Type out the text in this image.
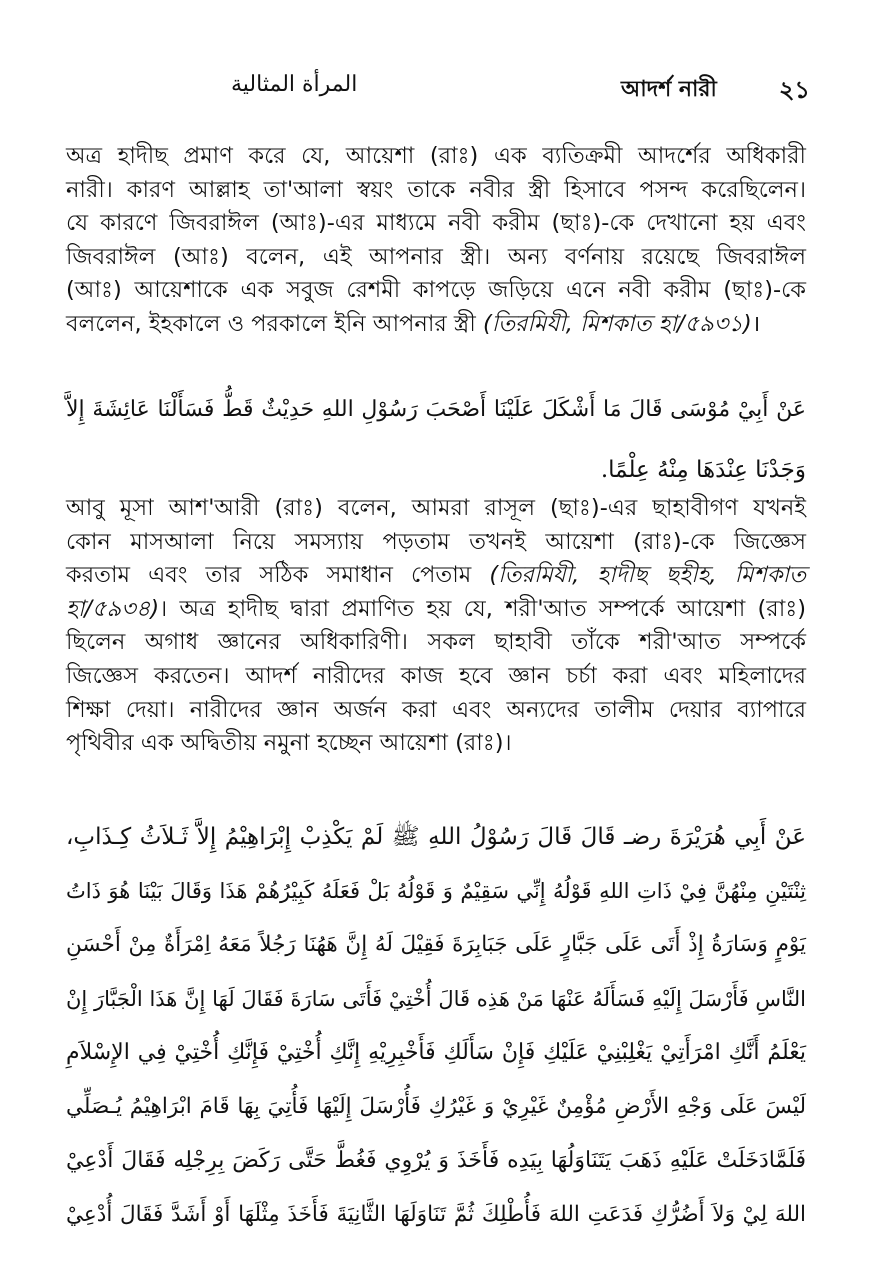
المرأة المثالية	আদর্শ নারী	২১
অত্র হাদীছ প্রমাণ করে যে, আয়েশা (রাঃ) এক ব্যতিক্রমী আদর্শের অধিকারী
নারী। কারণ আল্লাহ তা'আলা স্বয়ং তাকে নবীর স্ত্রী হিসাবে পসন্দ করেছিলেন।
যে কারণে জিবরাঈল (আঃ)-এর মাধ্যমে নবী করীম (ছাঃ)-কে দেখানো হয় এবং
জিবরাঈল (আঃ) বলেন, এই আপনার স্ত্রী। অন্য বর্ণনায় রয়েছে জিবরাঈল
(আঃ) আয়েশাকে এক সবুজ রেশমী কাপড়ে জড়িয়ে এনে নবী করীম (ছাঃ)-কে
বললেন, ইহকালে ও পরকালে ইনি আপনার স্ত্রী (তিরমিযী, মিশকাত হা/৫৯৩১)।
عَنْ أَبِيْ مُوْسَى قَالَ مَا أَشْكَلَ عَلَيْنَا أَصْحَبَ رَسُوْلِ اللهِ حَدِيْثٌ قَطُّ فَسَأَلْنَا عَائِشَةَ إِلاَّ
وَجَدْنَا عِنْدَهَا مِنْهُ عِلْمًا.
আবু মূসা আশ'আরী (রাঃ) বলেন, আমরা রাসূল (ছাঃ)-এর ছাহাবীগণ যখনই
কোন মাসআলা নিয়ে সমস্যায় পড়তাম তখনই আয়েশা (রাঃ)-কে জিজ্ঞেস
করতাম এবং তার সঠিক সমাধান পেতাম (তিরমিযী, হাদীছ ছহীহ, মিশকাত
হা/৫৯৩৪)। অত্র হাদীছ দ্বারা প্রমাণিত হয় যে, শরী'আত সম্পর্কে আয়েশা (রাঃ)
ছিলেন অগাধ জ্ঞানের অধিকারিণী। সকল ছাহাবী তাঁকে শরী'আত সম্পর্কে
জিজ্ঞেস করতেন। আদর্শ নারীদের কাজ হবে জ্ঞান চর্চা করা এবং মহিলাদের
শিক্ষা দেয়া। নারীদের জ্ঞান অর্জন করা এবং অন্যদের তালীম দেয়ার ব্যাপারে
পৃথিবীর এক অদ্বিতীয় নমুনা হচ্ছেন আয়েশা (রাঃ)।
عَنْ أَبِي هُرَيْرَةَ رضـ قَالَ قَالَ رَسُوْلُ اللهِ ﷺ لَمْ يَكْذِبْ إِبْرَاهِيْمُ إِلاَّ ثَـلاَثُ كِـذَابِ،
ثِنْتَيْنِ مِنْهُنَّ فِيْ ذَاتِ اللهِ قَوْلُهُ إِنِّي سَقِيْمٌ وَ قَوْلُهُ بَلْ فَعَلَهُ كَبِيْرُهُمْ هَذَا وَقَالَ بَيْنَا هُوَ ذَاتُ
يَوْمٍ وَسَارَةُ إِذْ أَتَى عَلَى جَبَّارٍ عَلَى جَبَابِرَةَ فَقِيْلَ لَهُ إِنَّ هَهُنَا رَجُلاً مَعَهُ اِمْرَأَةٌ مِنْ أَحْسَنِ
النَّاسِ فَأَرْسَلَ إِلَيْهِ فَسَأَلَهُ عَنْهَا مَنْ هَذِه قَالَ أُخْتِيْ فَأَتَى سَارَةَ فَقَالَ لَهَا إِنَّ هَذَا الْجَبَّارَ إِنْ
يَعْلَمُ أَنَّكِ امْرَأَتِيْ يَغْلِبْنِيْ عَلَيْكِ فَإِنْ سَأَلَكِ فَأَخْبِرِيْهِ إِنَّكِ أُخْتِيْ فَإِنَّكِ أُخْتِيْ فِي الإِسْلاَمِ
لَيْسَ عَلَى وَجْهِ الأَرْضِ مُؤْمِنٌ غَيْرِيْ وَ غَيْرُكِ فَأُرْسَلَ إِلَيْهَا فَأُتِيَ بِهَا قَامَ ابْرَاهِيْمُ يُـصَلِّي
فَلَمَّادَخَلَتْ عَلَيْهِ ذَهَبَ يَتَنَاوَلُهَا بِيَدِه فَأَخَذَ وَ يُرْوِي فَغُطَّ حَتَّى رَكَضَ بِرِجْلِه فَقَالَ أَدْعِيْ
اللهَ لِيْ وَلاَ أَضُرُّكِ فَدَعَتِ اللهَ فَأُطْلِكَ ثُمَّ تَنَاوَلَهَا الثَّانِيَةَ فَأَخَذَ مِثْلَهَا أَوْ أَشَدَّ فَقَالَ أُدْعِيْ
